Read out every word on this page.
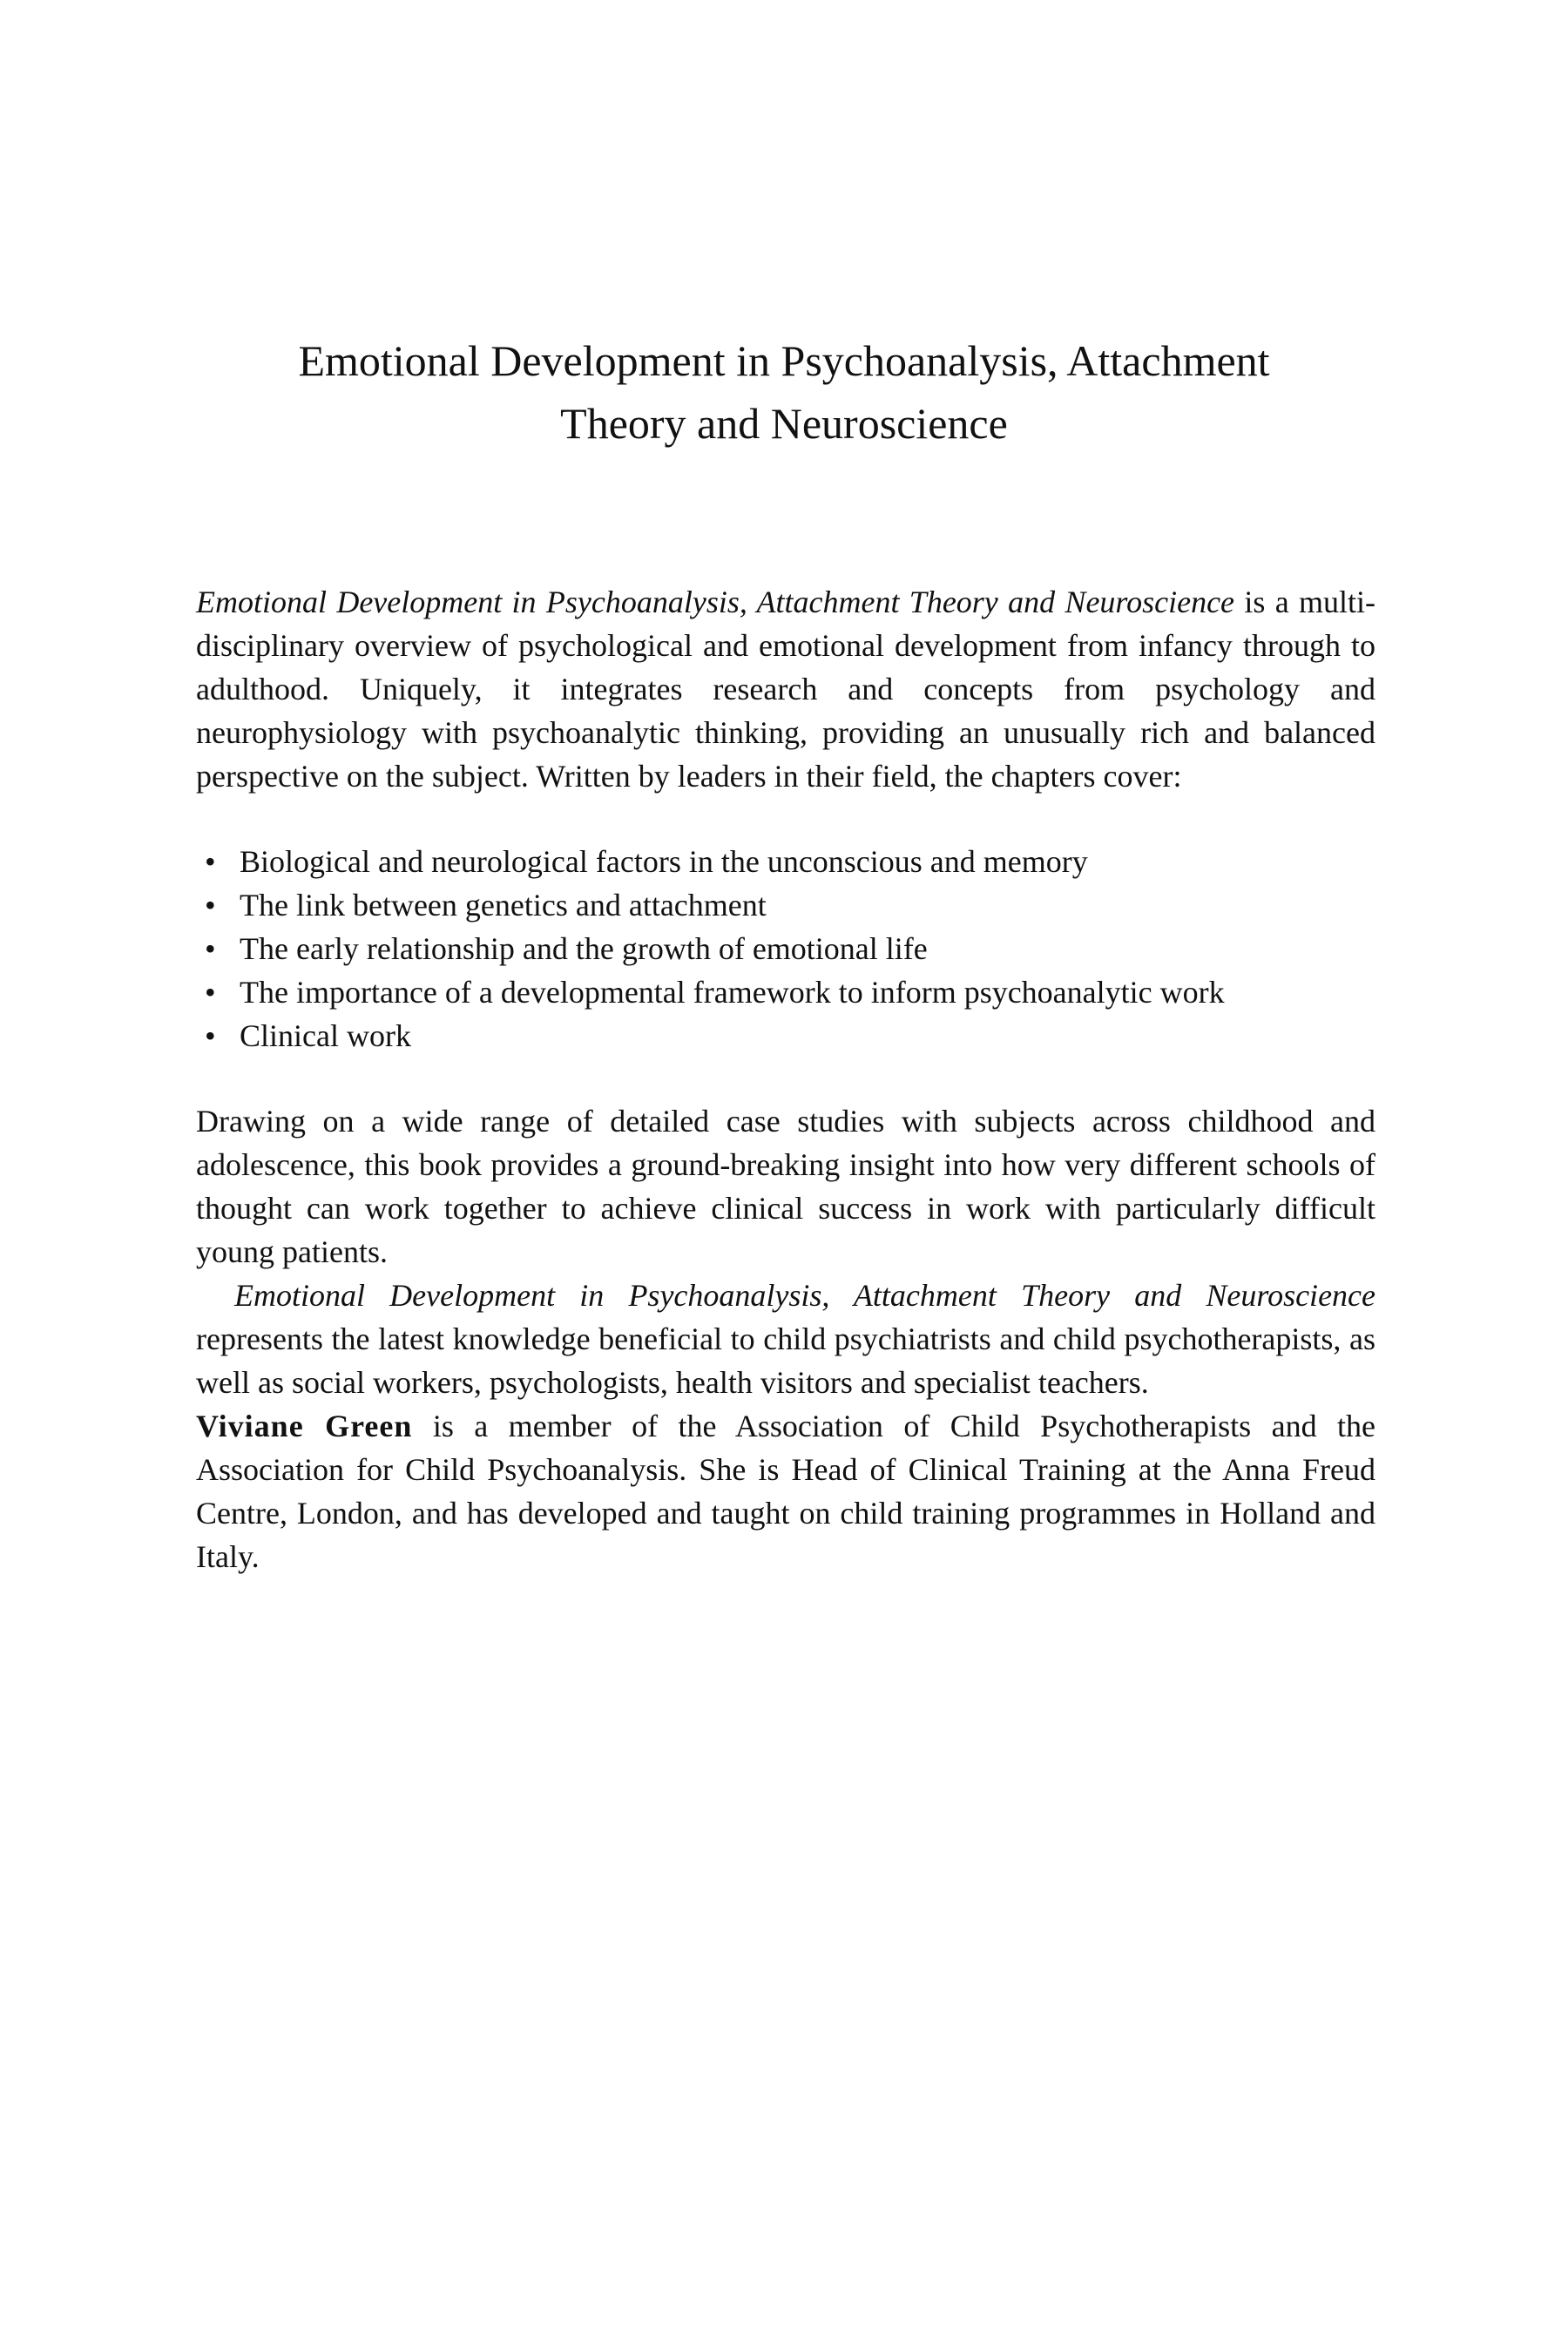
Emotional Development in Psychoanalysis, Attachment
Theory and Neuroscience

Emotional Development in Psychoanalysis, Attachment Theory and Neuroscience is a multi-disciplinary overview of psychological and emotional development from infancy through to adulthood. Uniquely, it integrates research and concepts from psychology and neurophysiology with psychoanalytic thinking, providing an unusually rich and balanced perspective on the subject. Written by leaders in their field, the chapters cover:

• Biological and neurological factors in the unconscious and memory
• The link between genetics and attachment
• The early relationship and the growth of emotional life
• The importance of a developmental framework to inform psychoanalytic work
• Clinical work

Drawing on a wide range of detailed case studies with subjects across childhood and adolescence, this book provides a ground-breaking insight into how very different schools of thought can work together to achieve clinical success in work with particularly difficult young patients.

Emotional Development in Psychoanalysis, Attachment Theory and Neuroscience represents the latest knowledge beneficial to child psychiatrists and child psychotherapists, as well as social workers, psychologists, health visitors and specialist teachers.

Viviane Green is a member of the Association of Child Psychotherapists and the Association for Child Psychoanalysis. She is Head of Clinical Training at the Anna Freud Centre, London, and has developed and taught on child training programmes in Holland and Italy.
